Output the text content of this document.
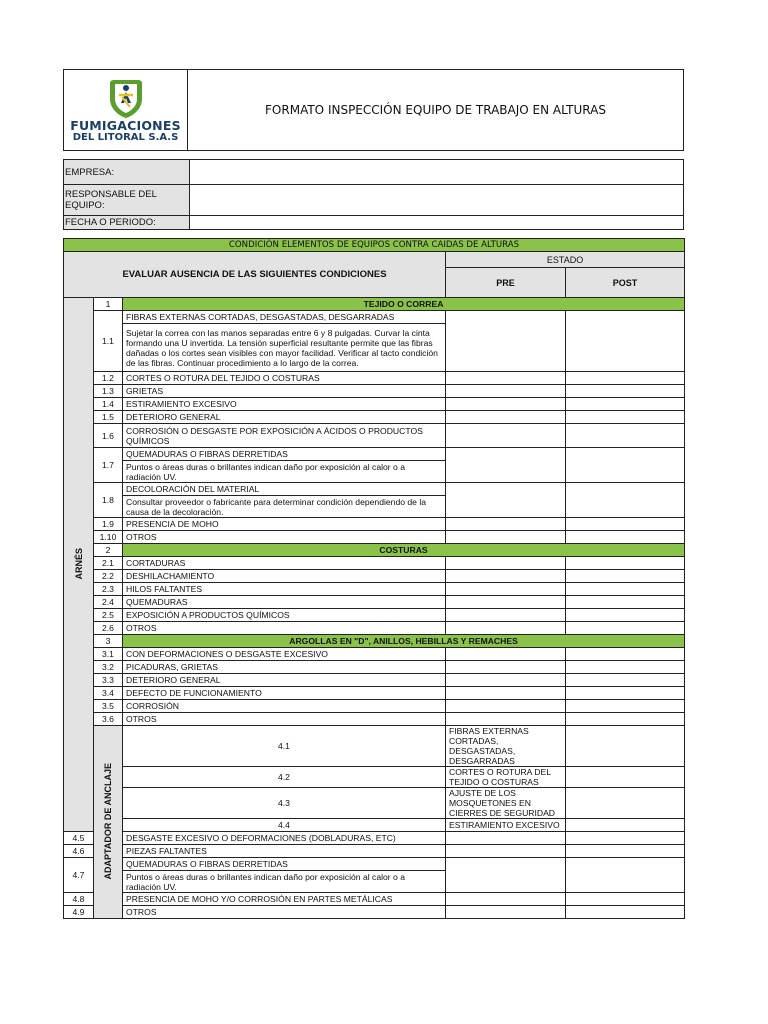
FUMIGACIONES
DEL LITORAL S.A.S
	FORMATO INSPECCIÓN EQUIPO DE TRABAJO EN ALTURAS
EMPRESA:	
RESPONSABLE DEL EQUIPO:	
FECHA O PERIODO:	
CONDICIÓN ELEMENTOS DE EQUIPOS CONTRA CAIDAS DE ALTURAS					
EVALUAR AUSENCIA DE LAS SIGUIENTES CONDICIONES			ESTADO		
			PRE	POST	
ARNÉS	1	TEJIDO O CORREA			
	1.1	FIBRAS EXTERNAS CORTADAS, DESGASTADAS, DESGARRADAS			
		Sujetar la correa con las manos separadas entre 6 y 8 pulgadas. Curvar la cinta formando una U invertida. La tensión superficial resultante permite que las fibras dañadas o los cortes sean visibles con mayor facilidad. Verificar al tacto condición de las fibras. Continuar procedimiento a lo largo de la correa.			
	1.2	CORTES O ROTURA DEL TEJIDO O COSTURAS			
	1.3	GRIETAS			
	1.4	ESTIRAMIENTO EXCESIVO			
	1.5	DETERIORO GENERAL			
	1.6	CORROSIÓN O DESGASTE POR EXPOSICIÓN A ÁCIDOS O PRODUCTOS QUÍMICOS			
	1.7	QUEMADURAS O FIBRAS DERRETIDAS			
		Puntos o áreas duras o brillantes indican daño por exposición al calor o a radiación UV.			
	1.8	DECOLORACIÓN DEL MATERIAL			
		Consultar proveedor o fabricante para determinar condición dependiendo de la causa de la decoloración.			
	1.9	PRESENCIA DE MOHO			
	1.10	OTROS			
	2	COSTURAS			
	2.1	CORTADURAS			
	2.2	DESHILACHAMIENTO			
	2.3	HILOS FALTANTES			
	2.4	QUEMADURAS			
	2.5	EXPOSICIÓN A PRODUCTOS QUÍMICOS			
	2.6	OTROS			
	3	ARGOLLAS EN "D", ANILLOS, HEBILLAS Y REMACHES			
	3.1	CON DEFORMACIONES O DESGASTE EXCESIVO			
	3.2	PICADURAS, GRIETAS			
	3.3	DETERIORO GENERAL			
	3.4	DEFECTO DE FUNCIONAMIENTO			
	3.5	CORROSIÓN			
	3.6	OTROS			
	ADAPTADOR DE ANCLAJE	4.1	FIBRAS EXTERNAS CORTADAS, DESGASTADAS, DESGARRADAS		
		4.2	CORTES O ROTURA DEL TEJIDO O COSTURAS		
		4.3	AJUSTE DE LOS MOSQUETONES EN CIERRES DE SEGURIDAD		
		4.4	ESTIRAMIENTO EXCESIVO		
4.5		DESGASTE EXCESIVO O DEFORMACIONES (DOBLADURAS, ETC)			
4.6		PIEZAS FALTANTES			
4.7		QUEMADURAS O FIBRAS DERRETIDAS			
		Puntos o áreas duras o brillantes indican daño por exposición al calor o a radiación UV.			
4.8		PRESENCIA DE MOHO Y/O CORROSIÓN EN PARTES METÁLICAS			
4.9		OTROS			
